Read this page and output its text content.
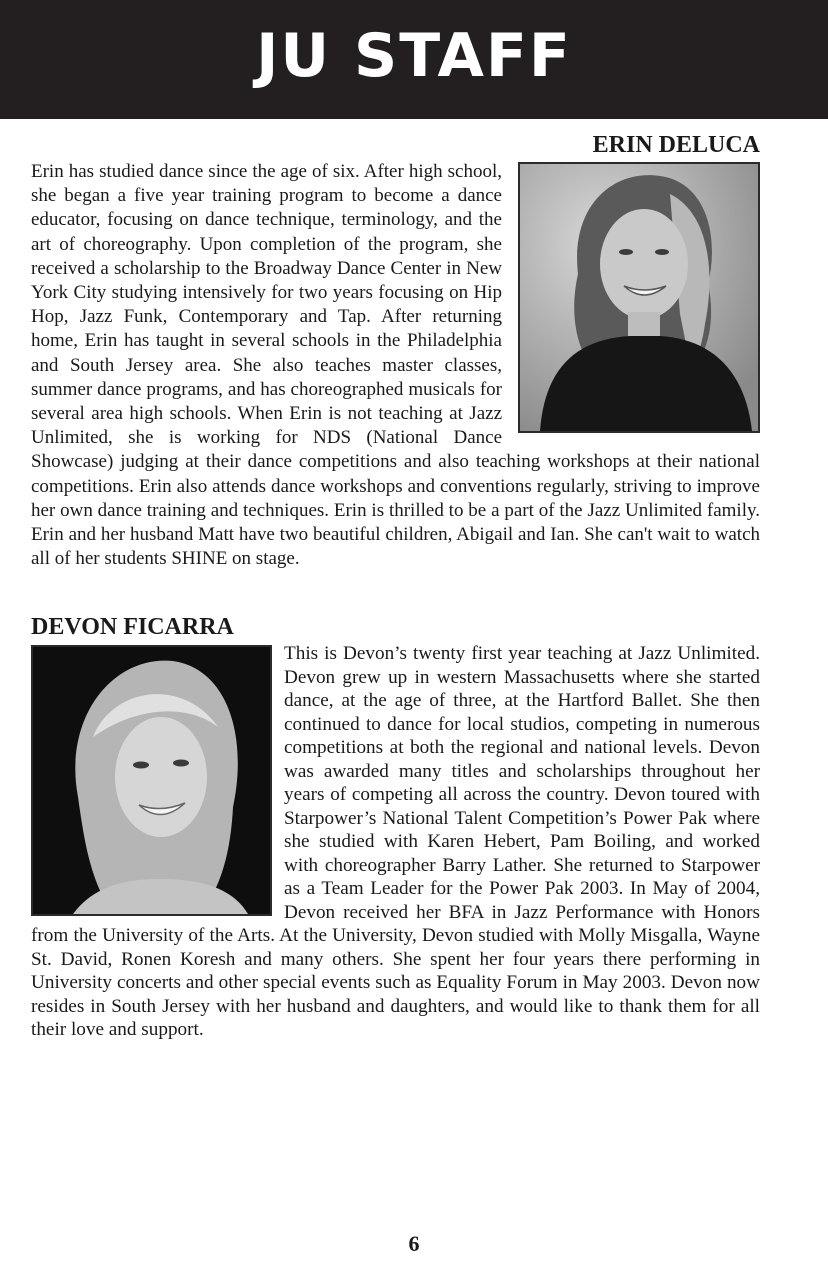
JU STAFF
ERIN DELUCA

Erin has studied dance since the age of six. After high school, she began a five year training program to become a dance educator, focusing on dance technique, terminology, and the art of choreography. Upon completion of the program, she received a scholarship to the Broadway Dance Center in New York City studying intensively for two years focusing on Hip Hop, Jazz Funk, Contemporary and Tap. After returning home, Erin has taught in several schools in the Philadelphia and South Jersey area. She also teaches master classes, summer dance programs, and has choreographed musicals for several area high schools. When Erin is not teaching at Jazz Unlimited, she is working for NDS (National Dance Showcase) judging at their dance competitions and also teaching workshops at their national competitions. Erin also attends dance workshops and conventions regularly, striving to improve her own dance training and techniques. Erin is thrilled to be a part of the Jazz Unlimited family. Erin and her husband Matt have two beautiful children, Abigail and Ian. She can't wait to watch all of her students SHINE on stage.

DEVON FICARRA

This is Devon’s twenty first year teaching at Jazz Unlimited. Devon grew up in western Massachusetts where she started dance, at the age of three, at the Hartford Ballet. She then continued to dance for local studios, competing in numerous competitions at both the regional and national levels. Devon was awarded many titles and scholarships throughout her years of competing all across the country. Devon toured with Starpower’s National Talent Competition’s Power Pak where she studied with Karen Hebert, Pam Boiling, and worked with choreographer Barry Lather. She returned to Starpower as a Team Leader for the Power Pak 2003. In May of 2004, Devon received her BFA in Jazz Performance with Honors from the University of the Arts. At the University, Devon studied with Molly Misgalla, Wayne St. David, Ronen Koresh and many others. She spent her four years there performing in University concerts and other special events such as Equality Forum in May 2003. Devon now resides in South Jersey with her husband and daughters, and would like to thank them for all their love and support.

6
